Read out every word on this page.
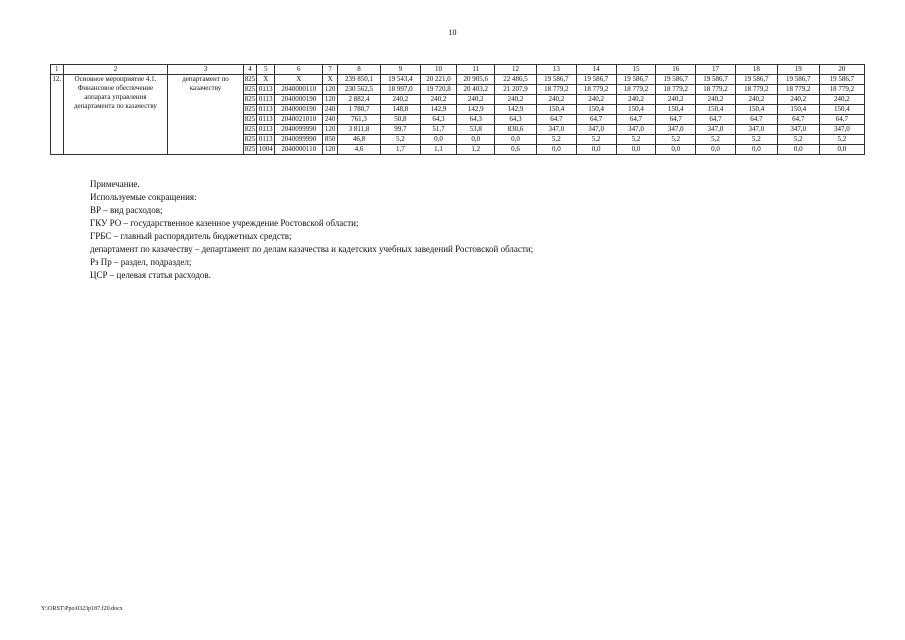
10
1	2	3	4	5	6	7	8	9	10	11	12	13	14	15	16	17	18	19	20
12.	Основное мероприятие 4.1. Финансовое обеспечение аппарата управления департамента по казачеству	департамент по казачеству	825	Х	Х	Х	239 850,1	19 543,4	20 221,0	20 905,6	22 486,5	19 586,7	19 586,7	19 586,7	19 586,7	19 586,7	19 586,7	19 586,7	19 586,7
			825	0113	2040000110	120	230 562,5	18 997,0	19 720,8	20 403,2	21 207,9	18 779,2	18 779,2	18 779,2	18 779,2	18 779,2	18 779,2	18 779,2	18 779,2
			825	0113	2040000190	120	2 882,4	240,2	240,2	240,2	240,2	240,2	240,2	240,2	240,2	240,2	240,2	240,2	240,2
			825	0113	2040000190	240	1 780,7	148,8	142,9	142,9	142,9	150,4	150,4	150,4	150,4	150,4	150,4	150,4	150,4
			825	0113	2040021010	240	761,3	50,8	64,3	64,3	64,3	64,7	64,7	64,7	64,7	64,7	64,7	64,7	64,7
			825	0113	2040099990	120	3 811,8	99,7	51,7	53,8	830,6	347,0	347,0	347,0	347,0	347,0	347,0	347,0	347,0
			825	0113	2040099990	850	46,8	5,2	0,0	0,0	0,0	5,2	5,2	5,2	5,2	5,2	5,2	5,2	5,2
			825	1004	2040000110	120	4,6	1,7	1,1	1,2	0,6	0,0	0,0	0,0	0,0	0,0	0,0	0,0	0,0
Примечание.
Используемые сокращения:
ВР – вид расходов;
ГКУ РО – государственное казенное учреждение Ростовской области;
ГРБС – главный распорядитель бюджетных средств;
департамент по казачеству – департамент по делам казачества и кадетских учебных заведений Ростовской области;
Рз Пр – раздел, подраздел;
ЦСР – целевая статья расходов.
Y:\ORST\Ppo\0323p187.f20.docx
